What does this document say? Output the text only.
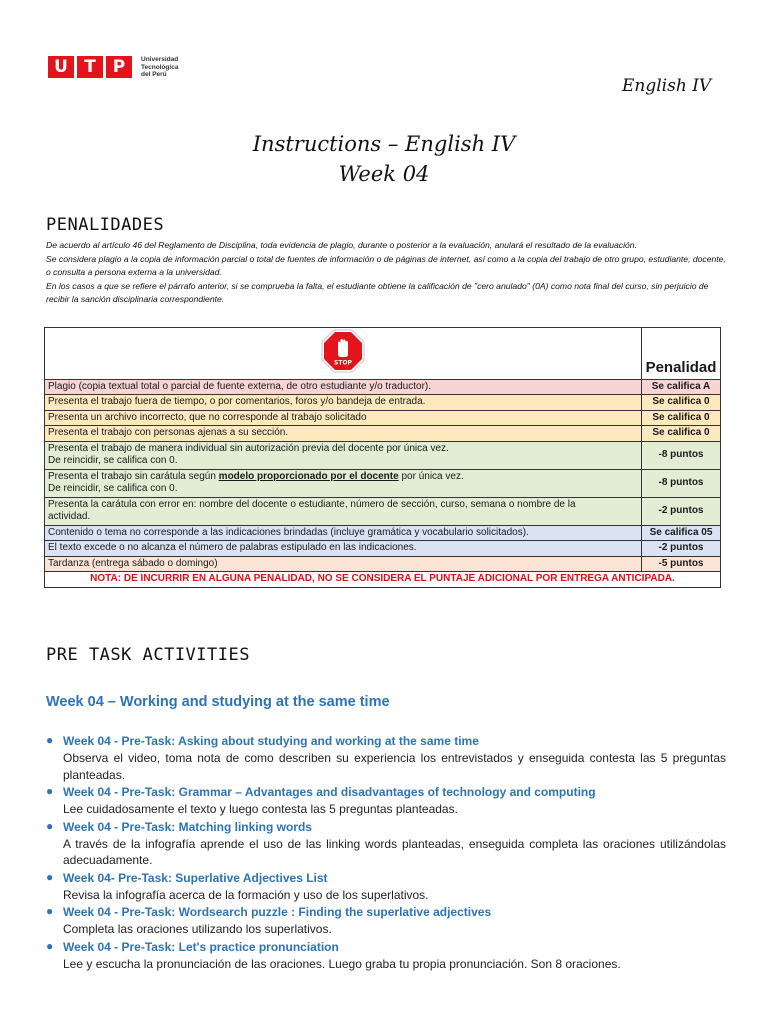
U T P	Universidad
Tecnológica
del Perú
English IV
Instructions – English IV
Week 04
PENALIDADES

De acuerdo al artículo 46 del Reglamento de Disciplina, toda evidencia de plagio, durante o posterior a la evaluación, anulará el resultado de la evaluación.

Se considera plagio a la copia de información parcial o total de fuentes de información o de páginas de internet, así como a la copia del trabajo de otro grupo, estudiante, docente, o consulta a persona externa a la universidad.

En los casos a que se refiere el párrafo anterior, si se comprueba la falta, el estudiante obtiene la calificación de "cero anulado" (0A) como nota final del curso, sin perjuicio de recibir la sanción disciplinaria correspondiente.

STOP	Penalidad
Plagio (copia textual total o parcial de fuente externa, de otro estudiante y/o traductor).	Se califica A
Presenta el trabajo fuera de tiempo, o por comentarios, foros y/o bandeja de entrada.	Se califica 0
Presenta un archivo incorrecto, que no corresponde al trabajo solicitado	Se califica 0
Presenta el trabajo con personas ajenas a su sección.	Se califica 0

Presenta el trabajo de manera individual sin autorización previa del docente por única vez.
De reincidir, se califica con 0.	-8 puntos

Presenta el trabajo sin carátula según modelo proporcionado por el docente por única vez.
De reincidir, se califica con 0.	-8 puntos

Presenta la carátula con error en: nombre del docente o estudiante, número de sección, curso, semana o nombre de la
actividad.	-2 puntos
Contenido o tema no corresponde a las indicaciones brindadas (incluye gramática y vocabulario solicitados).	Se califica 05
El texto excede o no alcanza el número de palabras estipulado en las indicaciones.	-2 puntos
Tardanza (entrega sábado o domingo)	-5 puntos
NOTA: DE INCURRIR EN ALGUNA PENALIDAD, NO SE CONSIDERA EL PUNTAJE ADICIONAL POR ENTREGA ANTICIPADA.	
PRE TASK ACTIVITIES
Week 04 – Working and studying at the same time
● Week 04 - Pre-Task: Asking about studying and working at the same time
Observa el video, toma nota de como describen su experiencia los entrevistados y enseguida contesta las 5 preguntas planteadas.
● Week 04 - Pre-Task: Grammar – Advantages and disadvantages of technology and computing
Lee cuidadosamente el texto y luego contesta las 5 preguntas planteadas.
● Week 04 - Pre-Task: Matching linking words
A través de la infografía aprende el uso de las linking words planteadas, enseguida completa las oraciones utilizándolas adecuadamente.
● Week 04- Pre-Task: Superlative Adjectives List
Revisa la infografía acerca de la formación y uso de los superlativos.
● Week 04 - Pre-Task: Wordsearch puzzle : Finding the superlative adjectives
Completa las oraciones utilizando los superlativos.
● Week 04 - Pre-Task: Let's practice pronunciation
Lee y escucha la pronunciación de las oraciones. Luego graba tu propia pronunciación. Son 8 oraciones.
